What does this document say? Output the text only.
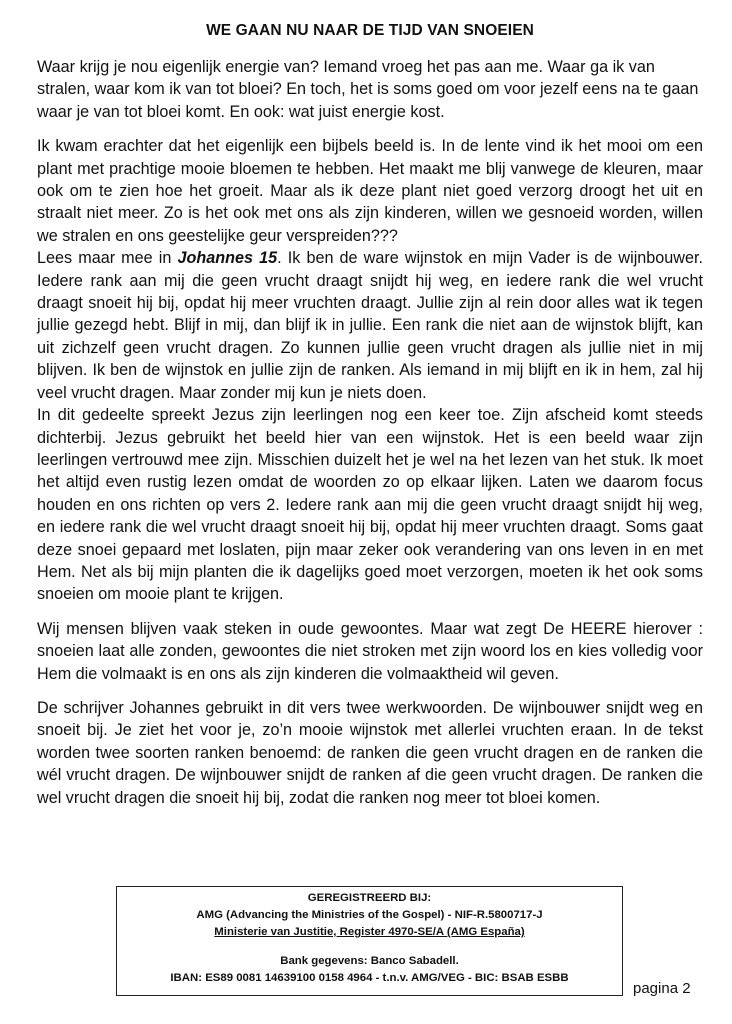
WE GAAN NU NAAR DE TIJD VAN SNOEIEN

Waar krijg je nou eigenlijk energie van? Iemand vroeg het pas aan me. Waar ga ik van stralen, waar kom ik van tot bloei? En toch, het is soms goed om voor jezelf eens na te gaan waar je van tot bloei komt. En ook: wat juist energie kost.

Ik kwam erachter dat het eigenlijk een bijbels beeld is. In de lente vind ik het mooi om een plant met prachtige mooie bloemen te hebben. Het maakt me blij vanwege de kleuren, maar ook om te zien hoe het groeit. Maar als ik deze plant niet goed verzorg droogt het uit en straalt niet meer. Zo is het ook met ons als zijn kinderen, willen we gesnoeid worden, willen we stralen en ons geestelijke geur verspreiden???

Lees maar mee in Johannes 15. Ik ben de ware wijnstok en mijn Vader is de wijnbouwer. Iedere rank aan mij die geen vrucht draagt snijdt hij weg, en iedere rank die wel vrucht draagt snoeit hij bij, opdat hij meer vruchten draagt. Jullie zijn al rein door alles wat ik tegen jullie gezegd hebt. Blijf in mij, dan blijf ik in jullie. Een rank die niet aan de wijnstok blijft, kan uit zichzelf geen vrucht dragen. Zo kunnen jullie geen vrucht dragen als jullie niet in mij blijven. Ik ben de wijnstok en jullie zijn de ranken. Als iemand in mij blijft en ik in hem, zal hij veel vrucht dragen. Maar zonder mij kun je niets doen.

In dit gedeelte spreekt Jezus zijn leerlingen nog een keer toe. Zijn afscheid komt steeds dichterbij. Jezus gebruikt het beeld hier van een wijnstok. Het is een beeld waar zijn leerlingen vertrouwd mee zijn. Misschien duizelt het je wel na het lezen van het stuk. Ik moet het altijd even rustig lezen omdat de woorden zo op elkaar lijken. Laten we daarom focus houden en ons richten op vers 2. Iedere rank aan mij die geen vrucht draagt snijdt hij weg, en iedere rank die wel vrucht draagt snoeit hij bij, opdat hij meer vruchten draagt. Soms gaat deze snoei gepaard met loslaten, pijn maar zeker ook verandering van ons leven in en met Hem. Net als bij mijn planten die ik dagelijks goed moet verzorgen, moeten ik het ook soms snoeien om mooie plant te krijgen.

Wij mensen blijven vaak steken in oude gewoontes. Maar wat zegt De HEERE hierover : snoeien laat alle zonden, gewoontes die niet stroken met zijn woord los en kies volledig voor Hem die volmaakt is en ons als zijn kinderen die volmaaktheid wil geven.

De schrijver Johannes gebruikt in dit vers twee werkwoorden. De wijnbouwer snijdt weg en snoeit bij. Je ziet het voor je, zo’n mooie wijnstok met allerlei vruchten eraan. In de tekst worden twee soorten ranken benoemd: de ranken die geen vrucht dragen en de ranken die wél vrucht dragen. De wijnbouwer snijdt de ranken af die geen vrucht dragen. De ranken die wel vrucht dragen die snoeit hij bij, zodat die ranken nog meer tot bloei komen.

GEREGISTREERD BIJ:
AMG (Advancing the Ministries of the Gospel) - NIF-R.5800717-J
Ministerie van Justitie, Register 4970-SE/A (AMG España)
Bank gegevens: Banco Sabadell.
IBAN: ES89 0081 14639100 0158 4964 - t.n.v. AMG/VEG - BIC: BSAB ESBB
pagina 2
